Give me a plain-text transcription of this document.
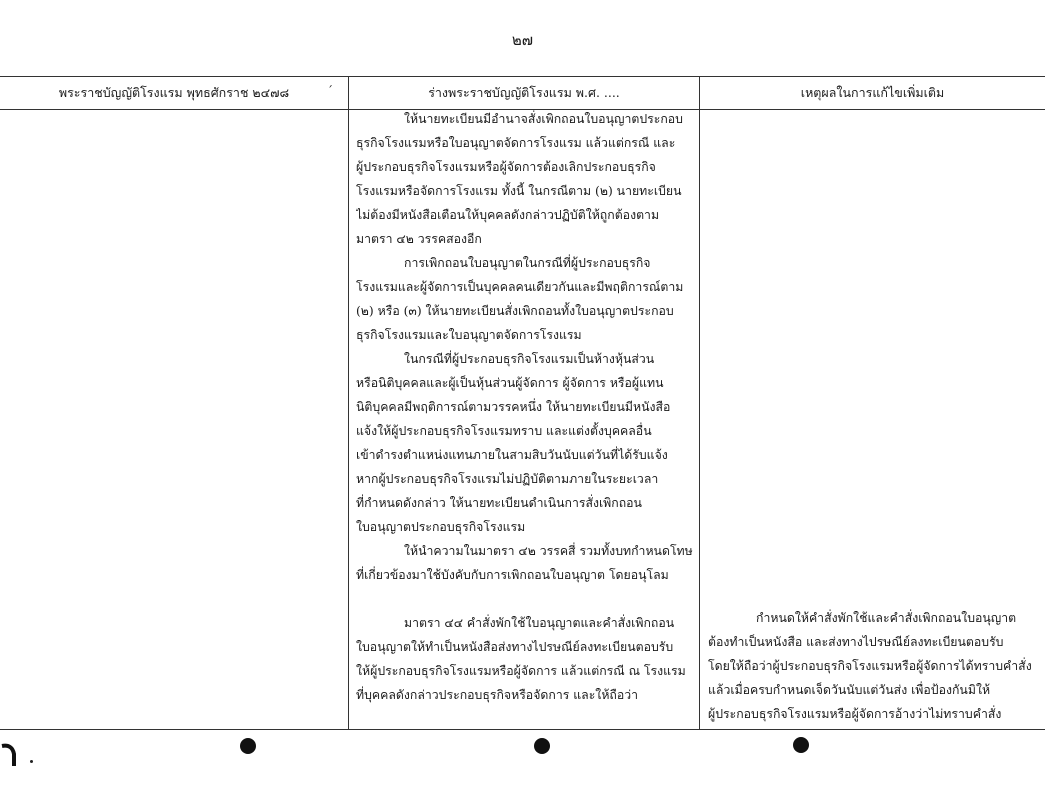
๒๗
พระราชบัญญัติโรงแรม พุทธศักราช ๒๔๗๘	ร่างพระราชบัญญัติโรงแรม พ.ศ. ....	เหตุผลในการแก้ไขเพิ่มเติม
´
ให้นายทะเบียนมีอำนาจสั่งเพิกถอนใบอนุญาตประกอบ
ธุรกิจโรงแรมหรือใบอนุญาตจัดการโรงแรม แล้วแต่กรณี และ
ผู้ประกอบธุรกิจโรงแรมหรือผู้จัดการต้องเลิกประกอบธุรกิจ
โรงแรมหรือจัดการโรงแรม ทั้งนี้ ในกรณีตาม (๒) นายทะเบียน
ไม่ต้องมีหนังสือเตือนให้บุคคลดังกล่าวปฏิบัติให้ถูกต้องตาม
มาตรา ๔๒ วรรคสองอีก
การเพิกถอนใบอนุญาตในกรณีที่ผู้ประกอบธุรกิจ
โรงแรมและผู้จัดการเป็นบุคคลคนเดียวกันและมีพฤติการณ์ตาม
(๒) หรือ (๓) ให้นายทะเบียนสั่งเพิกถอนทั้งใบอนุญาตประกอบ
ธุรกิจโรงแรมและใบอนุญาตจัดการโรงแรม
ในกรณีที่ผู้ประกอบธุรกิจโรงแรมเป็นห้างหุ้นส่วน
หรือนิติบุคคลและผู้เป็นหุ้นส่วนผู้จัดการ ผู้จัดการ หรือผู้แทน
นิติบุคคลมีพฤติการณ์ตามวรรคหนึ่ง ให้นายทะเบียนมีหนังสือ
แจ้งให้ผู้ประกอบธุรกิจโรงแรมทราบ และแต่งตั้งบุคคลอื่น
เข้าดำรงตำแหน่งแทนภายในสามสิบวันนับแต่วันที่ได้รับแจ้ง
หากผู้ประกอบธุรกิจโรงแรมไม่ปฏิบัติตามภายในระยะเวลา
ที่กำหนดดังกล่าว ให้นายทะเบียนดำเนินการสั่งเพิกถอน
ใบอนุญาตประกอบธุรกิจโรงแรม
ให้นำความในมาตรา ๔๒ วรรคสี่ รวมทั้งบทกำหนดโทษ
ที่เกี่ยวข้องมาใช้บังคับกับการเพิกถอนใบอนุญาต โดยอนุโลม
มาตรา ๔๔ คำสั่งพักใช้ใบอนุญาตและคำสั่งเพิกถอน
ใบอนุญาตให้ทำเป็นหนังสือส่งทางไปรษณีย์ลงทะเบียนตอบรับ
ให้ผู้ประกอบธุรกิจโรงแรมหรือผู้จัดการ แล้วแต่กรณี ณ โรงแรม
ที่บุคคลดังกล่าวประกอบธุรกิจหรือจัดการ และให้ถือว่า
กำหนดให้คำสั่งพักใช้และคำสั่งเพิกถอนใบอนุญาต
ต้องทำเป็นหนังสือ และส่งทางไปรษณีย์ลงทะเบียนตอบรับ
โดยให้ถือว่าผู้ประกอบธุรกิจโรงแรมหรือผู้จัดการได้ทราบคำสั่ง
แล้วเมื่อครบกำหนดเจ็ดวันนับแต่วันส่ง เพื่อป้องกันมิให้
ผู้ประกอบธุรกิจโรงแรมหรือผู้จัดการอ้างว่าไม่ทราบคำสั่ง
